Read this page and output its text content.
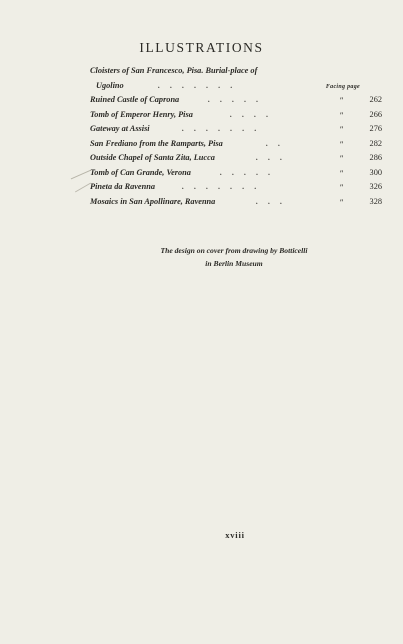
ILLUSTRATIONS
Cloisters of San Francesco, Pisa. Burial-place of
Ugolino	.......	Facing page
Ruined Castle of Caprona	.....	"	262
Tomb of Emperor Henry, Pisa	....	"	266
Gateway at Assisi	.......	"	276
San Frediano from the Ramparts, Pisa	..	"	282
Outside Chapel of Santa Zita, Lucca	...	"	286
Tomb of Can Grande, Verona	.....	"	300
Pineta da Ravenna	.......	"	326
Mosaics in San Apollinare, Ravenna	...	"	328
The design on cover from drawing by Botticelli
in Berlin Museum
xviii
